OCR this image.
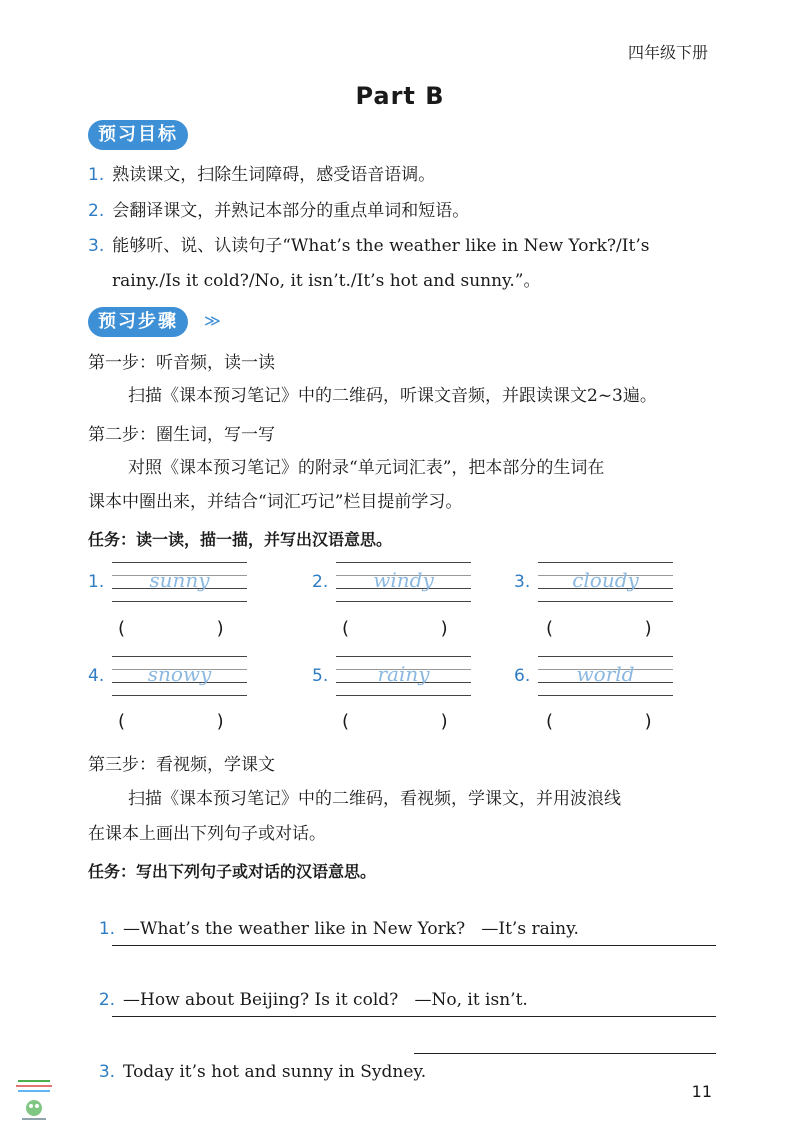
四年级下册
Part B
预习目标
1. 熟读课文，扫除生词障碍，感受语音语调。
2. 会翻译课文，并熟记本部分的重点单词和短语。
3. 能够听、说、认读句子“What’s the weather like in New York?/It’s
rainy./Is it cold?/No, it isn’t./It’s hot and sunny.”。
预习步骤	≫
第一步：听音频，读一读
扫描《课本预习笔记》中的二维码，听课文音频，并跟读课文2~3遍。
第二步：圈生词，写一写
对照《课本预习笔记》的附录“单元词汇表”，把本部分的生词在
课本中圈出来，并结合“词汇巧记”栏目提前学习。
任务：读一读，描一描，并写出汉语意思。
1.	sunny	2.	windy	3.	cloudy
(                )	(                )	(                )
4.	snowy	5.	rainy	6.	world
(                )	(                )	(                )
第三步：看视频，学课文
扫描《课本预习笔记》中的二维码，看视频，学课文，并用波浪线
在课本上画出下列句子或对话。
任务：写出下列句子或对话的汉语意思。

1. —What’s the weather like in New York?   —It’s rainy.

2. —How about Beijing? Is it cold?   —No, it isn’t.

3. Today it’s hot and sunny in Sydney.

11
